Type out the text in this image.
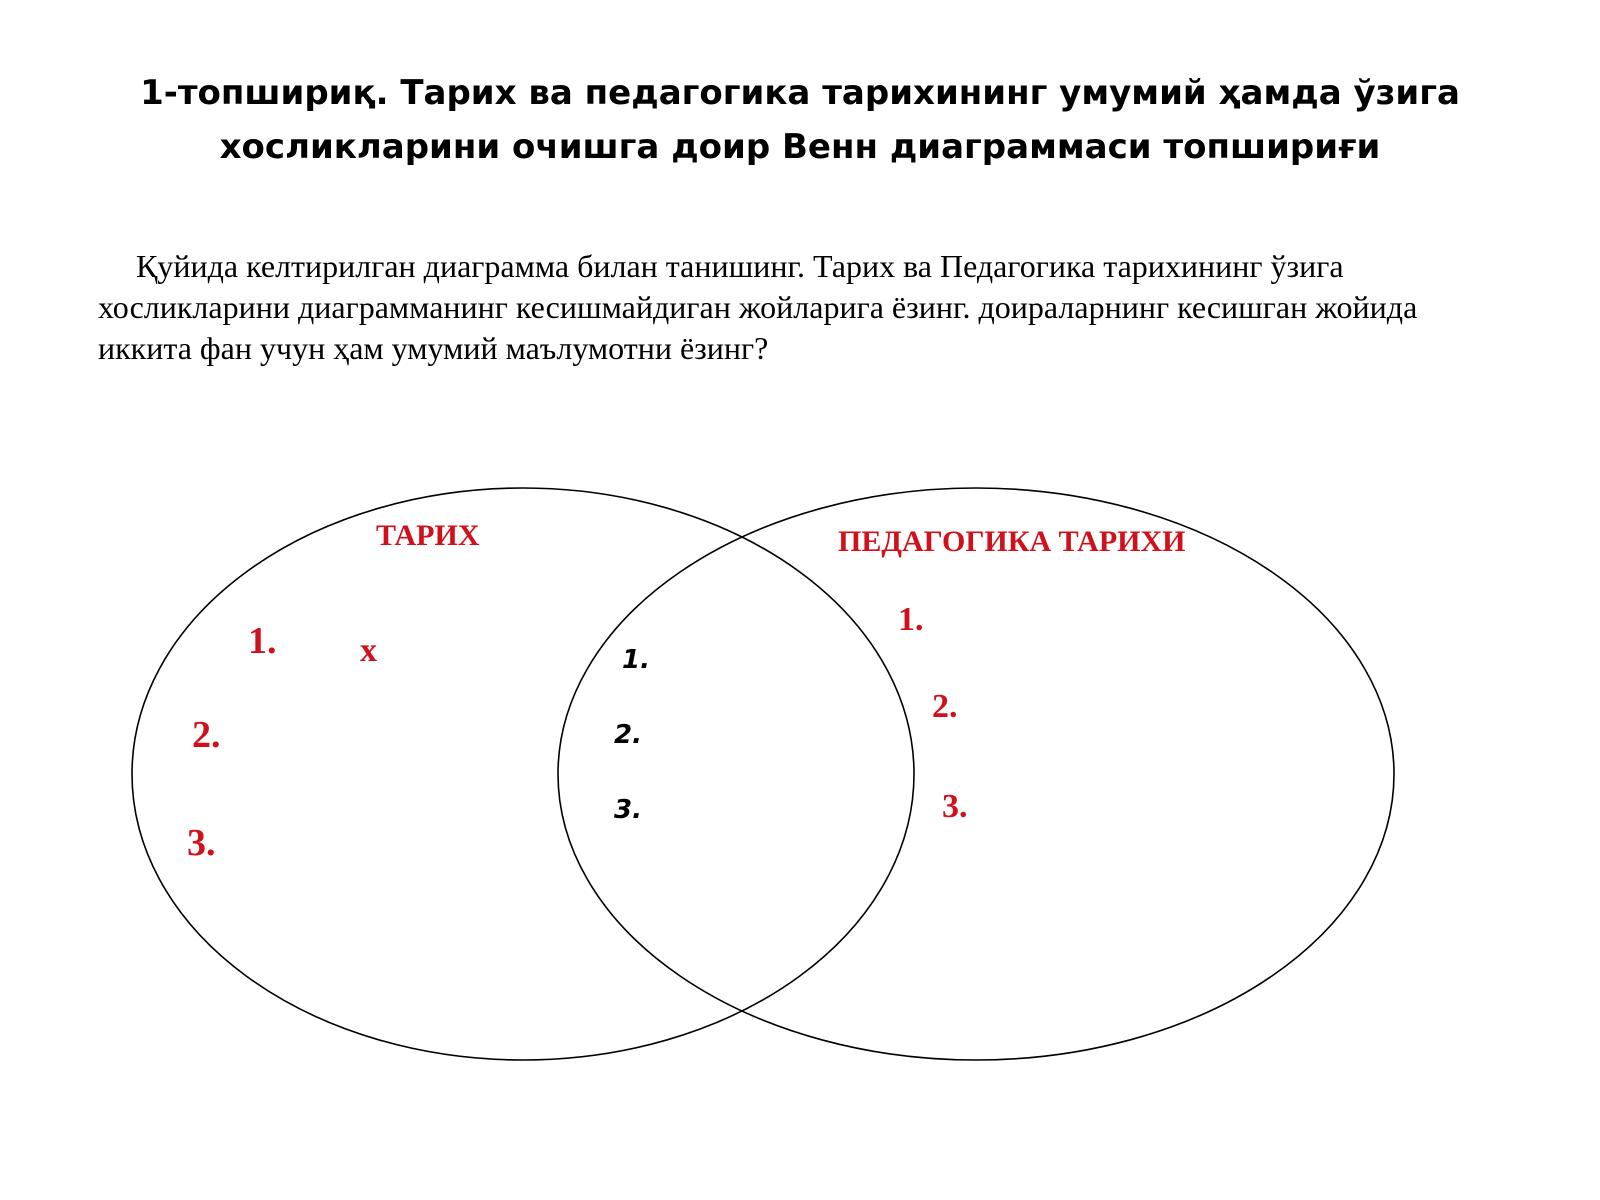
1-топшириқ. Тарих ва педагогика тарихининг умумий ҳамда ўзига
хосликларини очишга доир Венн диаграммаси топшириғи

Қуйида келтирилган диаграмма билан танишинг. Тарих ва Педагогика тарихининг ўзига хосликларини диаграмманинг кесишмайдиган жойларига ёзинг. доираларнинг кесишган жойида иккита фан учун ҳам умумий маълумотни ёзинг?

ТАРИХ	ПЕДАГОГИКА ТАРИХИ
1.
2.
3.
х	1.
2.
3.
1.
2.
3.
